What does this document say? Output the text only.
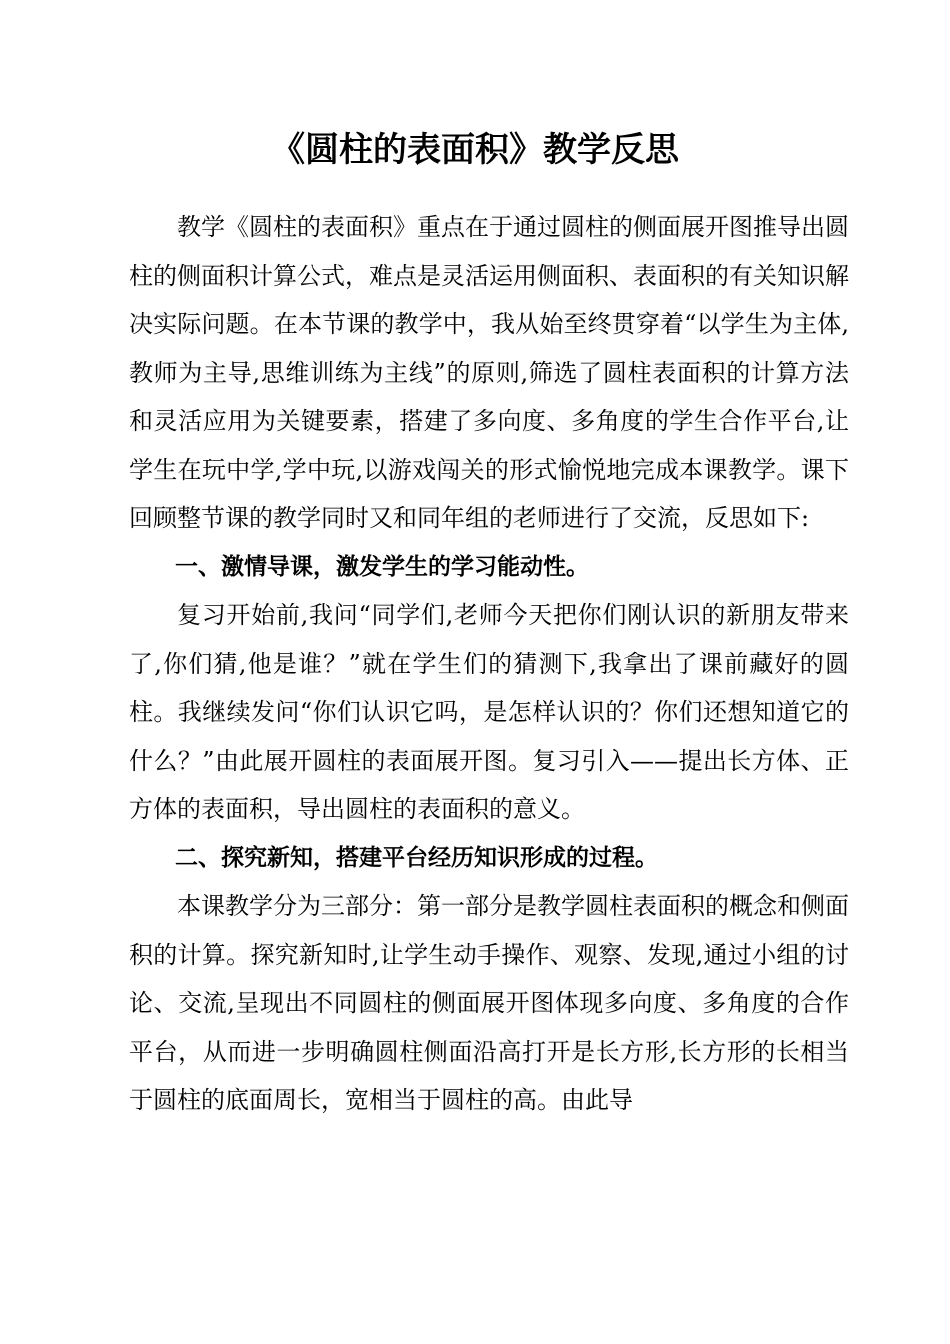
《圆柱的表面积》教学反思

教学《圆柱的表面积》重点在于通过圆柱的侧面展开图推导出圆柱的侧面积计算公式，难点是灵活运用侧面积、表面积的有关知识解决实际问题。在本节课的教学中，我从始至终贯穿着“以学生为主体,教师为主导,思维训练为主线”的原则,筛选了圆柱表面积的计算方法和灵活应用为关键要素，搭建了多向度、多角度的学生合作平台,让学生在玩中学,学中玩,以游戏闯关的形式愉悦地完成本课教学。课下回顾整节课的教学同时又和同年组的老师进行了交流，反思如下:

一、激情导课，激发学生的学习能动性。

复习开始前,我问“同学们,老师今天把你们刚认识的新朋友带来了,你们猜,他是谁？”就在学生们的猜测下,我拿出了课前藏好的圆柱。我继续发问“你们认识它吗，是怎样认识的？你们还想知道它的什么？”由此展开圆柱的表面展开图。复习引入——提出长方体、正方体的表面积，导出圆柱的表面积的意义。

二、探究新知，搭建平台经历知识形成的过程。

本课教学分为三部分：第一部分是教学圆柱表面积的概念和侧面积的计算。探究新知时,让学生动手操作、观察、发现,通过小组的讨论、交流,呈现出不同圆柱的侧面展开图体现多向度、多角度的合作平台，从而进一步明确圆柱侧面沿高打开是长方形,长方形的长相当于圆柱的底面周长，宽相当于圆柱的高。由此导
